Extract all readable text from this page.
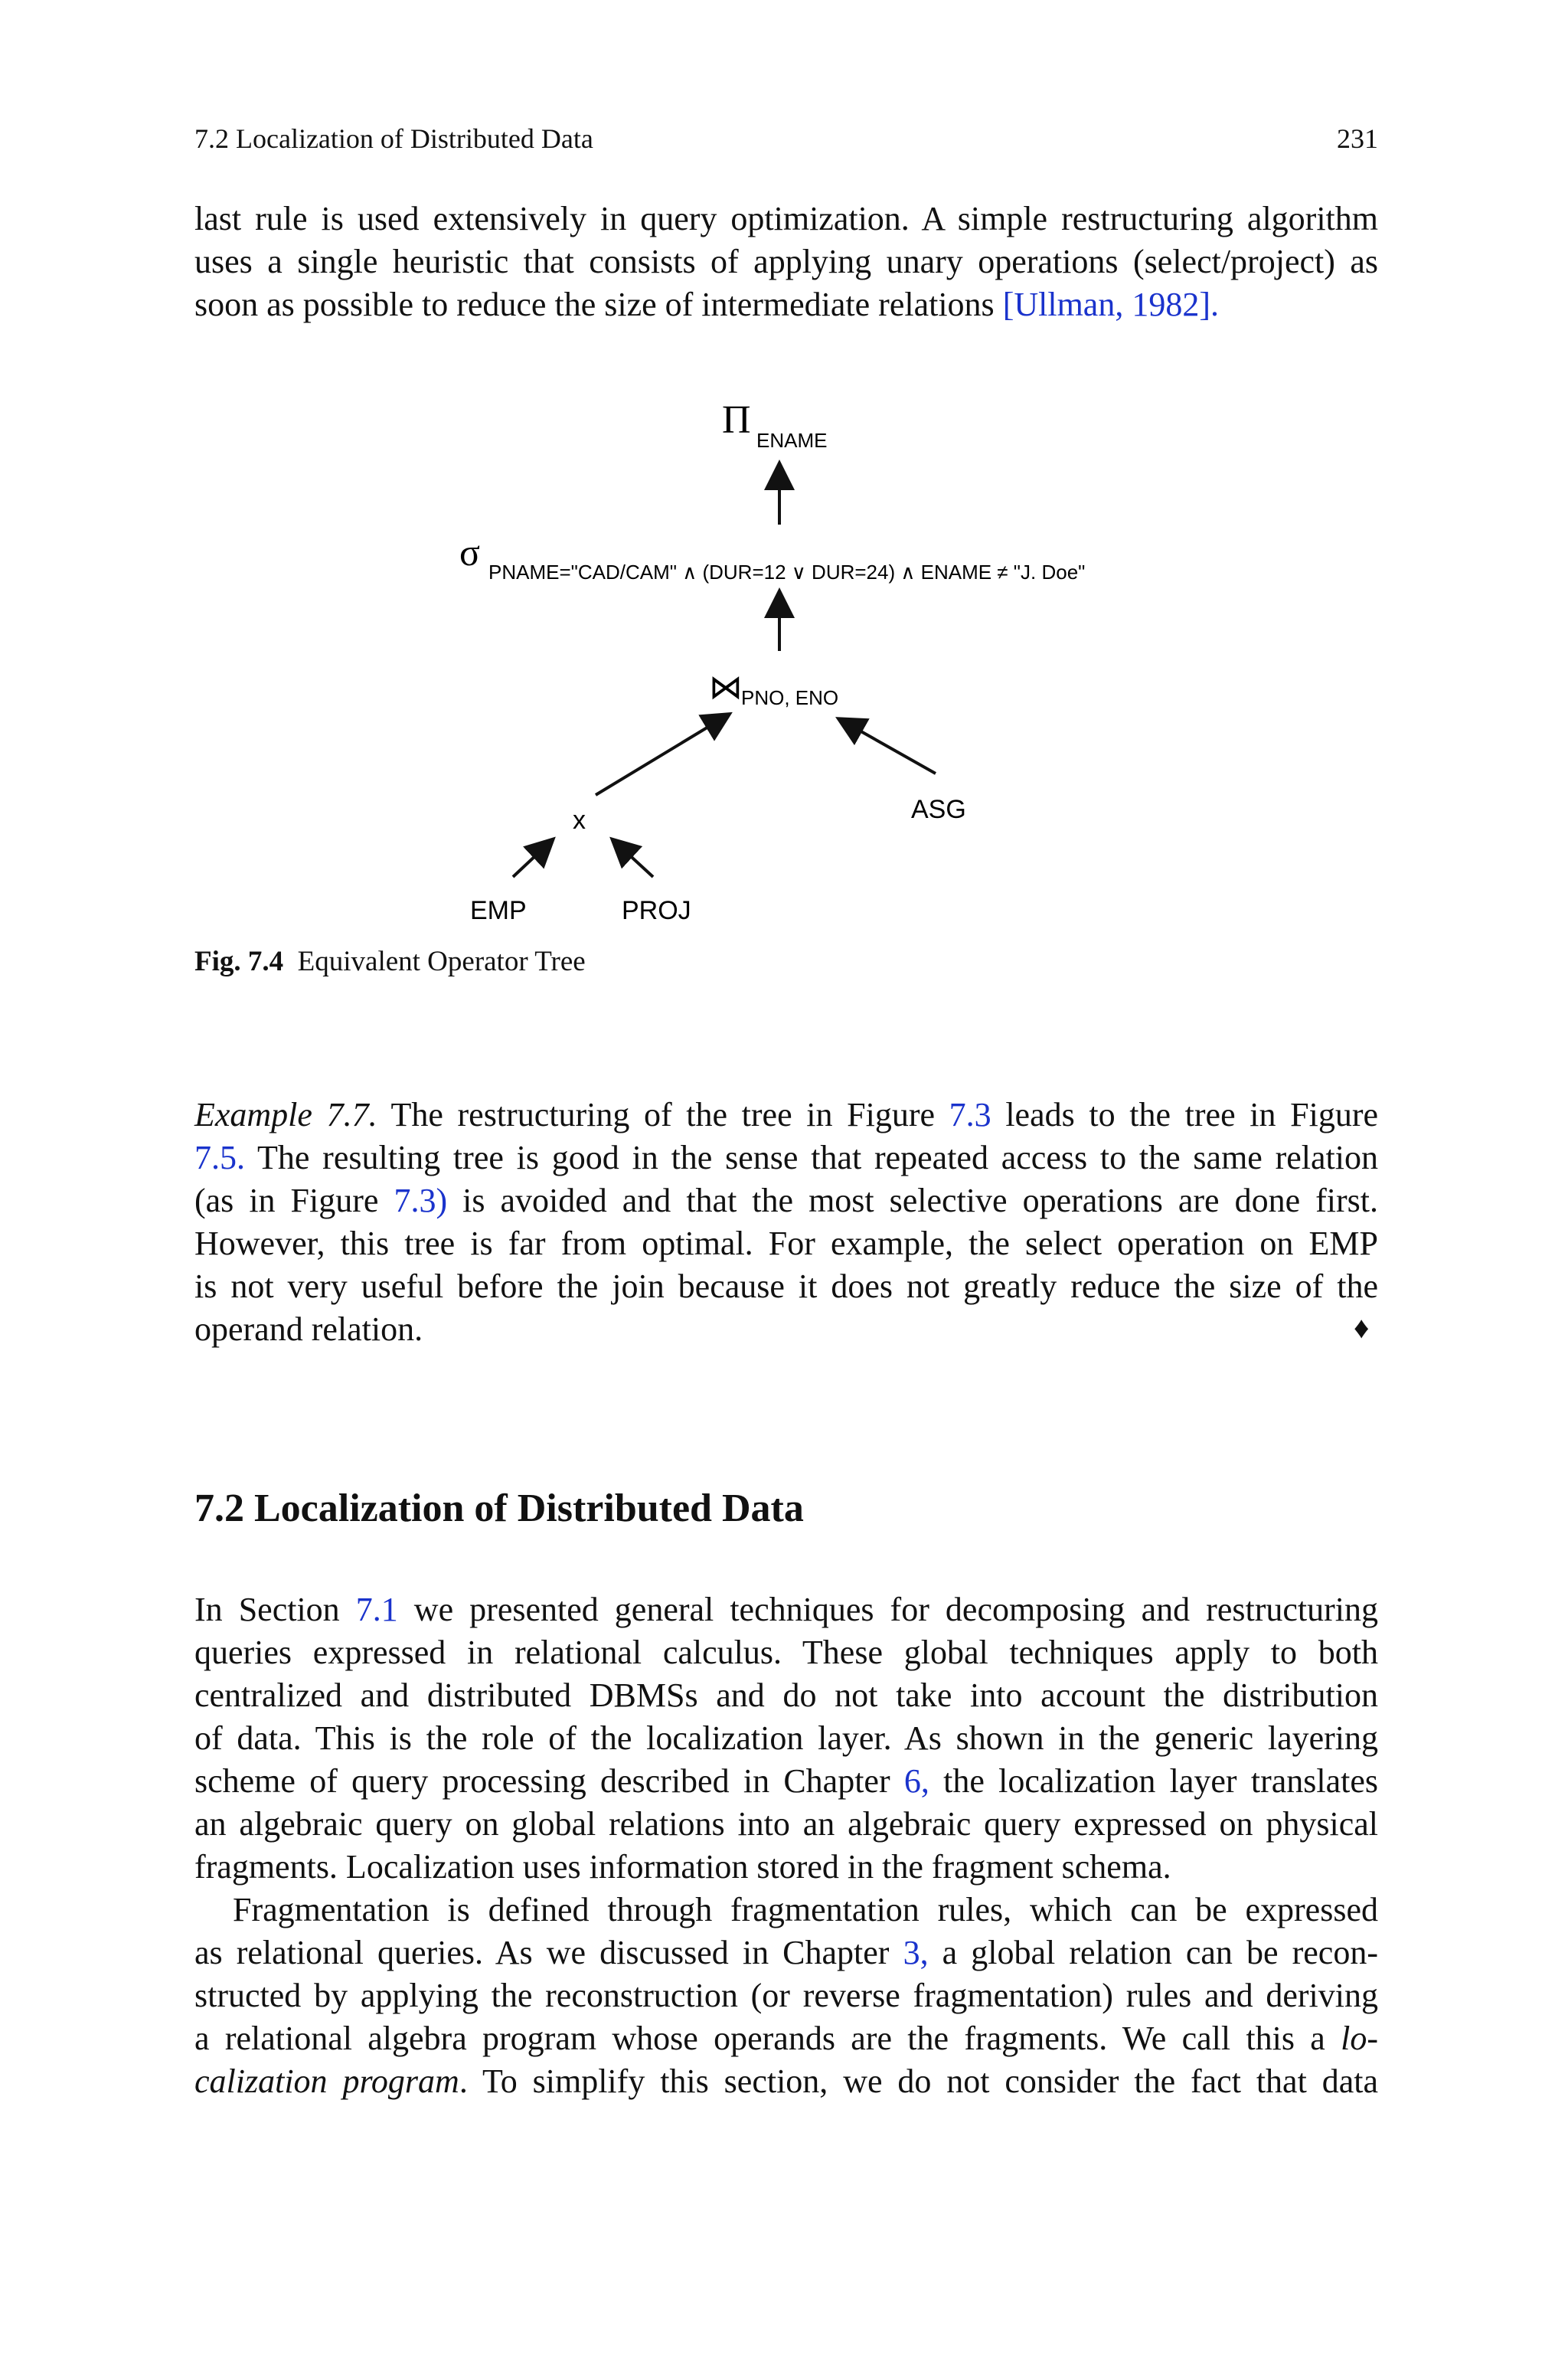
7.2 Localization of Distributed Data	231
last rule is used extensively in query optimization. A simple restructuring algorithm
uses a single heuristic that consists of applying unary operations (select/project) as
soon as possible to reduce the size of intermediate relations [Ullman, 1982].
Π ENAME
σ PNAME="CAD/CAM" ∧ (DUR=12 ∨ DUR=24) ∧ ENAME ≠ "J. Doe"
⋈
PNO, ENO
x	ASG
EMP	PROJ
Fig. 7.4 Equivalent Operator Tree
Example 7.7. The restructuring of the tree in Figure 7.3 leads to the tree in Figure
7.5. The resulting tree is good in the sense that repeated access to the same relation
(as in Figure 7.3) is avoided and that the most selective operations are done first.
However, this tree is far from optimal. For example, the select operation on EMP
is not very useful before the join because it does not greatly reduce the size of the
operand relation.	♦
7.2 Localization of Distributed Data
In Section 7.1 we presented general techniques for decomposing and restructuring
queries expressed in relational calculus. These global techniques apply to both
centralized and distributed DBMSs and do not take into account the distribution
of data. This is the role of the localization layer. As shown in the generic layering
scheme of query processing described in Chapter 6, the localization layer translates
an algebraic query on global relations into an algebraic query expressed on physical
fragments. Localization uses information stored in the fragment schema.
Fragmentation is defined through fragmentation rules, which can be expressed
as relational queries. As we discussed in Chapter 3, a global relation can be recon-
structed by applying the reconstruction (or reverse fragmentation) rules and deriving
a relational algebra program whose operands are the fragments. We call this a lo-
calization program. To simplify this section, we do not consider the fact that data
